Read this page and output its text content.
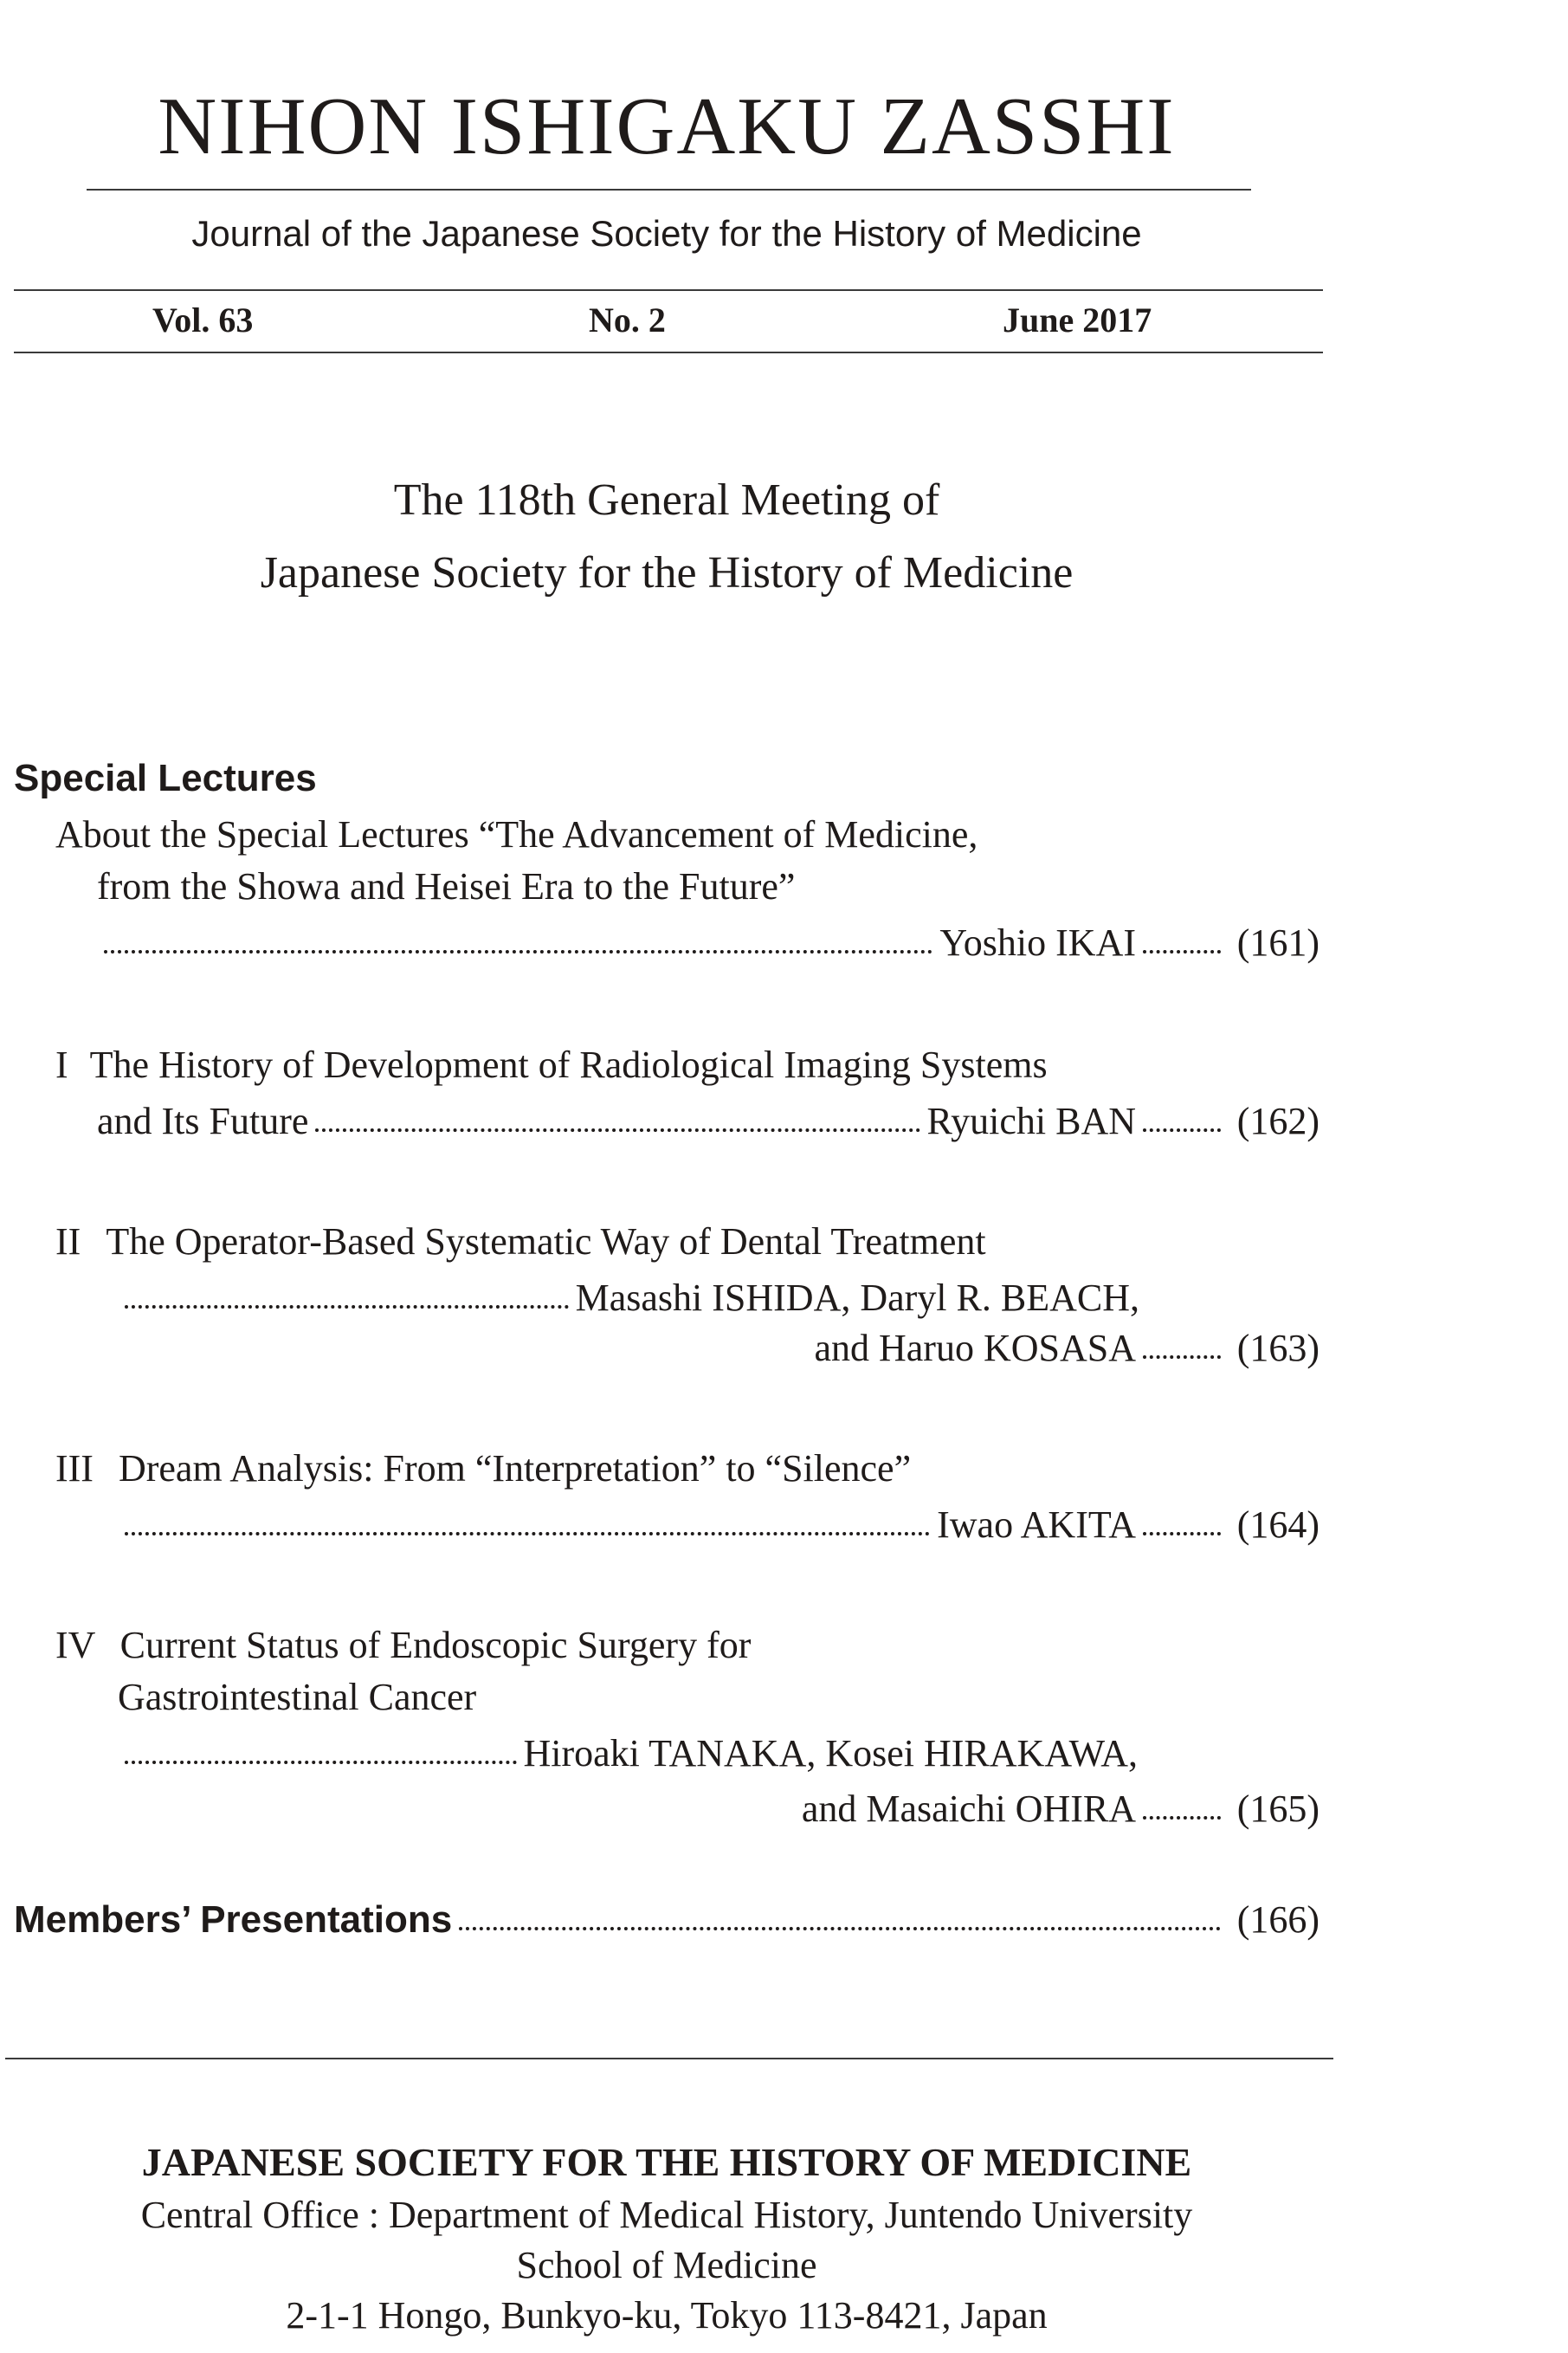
NIHON ISHIGAKU ZASSHI
Journal of the Japanese Society for the History of Medicine
Vol. 63	No. 2	June 2017
The 118th General Meeting of
Japanese Society for the History of Medicine
Special Lectures
About the Special Lectures “The Advancement of Medicine,
from the Showa and Heisei Era to the Future”
Yoshio IKAI	(161)
I The History of Development of Radiological Imaging Systems
and Its Future	Ryuichi BAN	(162)
II The Operator-Based Systematic Way of Dental Treatment
Masashi ISHIDA, Daryl R. BEACH,
and Haruo KOSASA	(163)
III Dream Analysis: From “Interpretation” to “Silence”
Iwao AKITA	(164)
IV Current Status of Endoscopic Surgery for
Gastrointestinal Cancer
Hiroaki TANAKA, Kosei HIRAKAWA,
and Masaichi OHIRA	(165)
Members’ Presentations	(166)
JAPANESE SOCIETY FOR THE HISTORY OF MEDICINE
Central Office : Department of Medical History, Juntendo University
School of Medicine
2-1-1 Hongo, Bunkyo-ku, Tokyo 113-8421, Japan
